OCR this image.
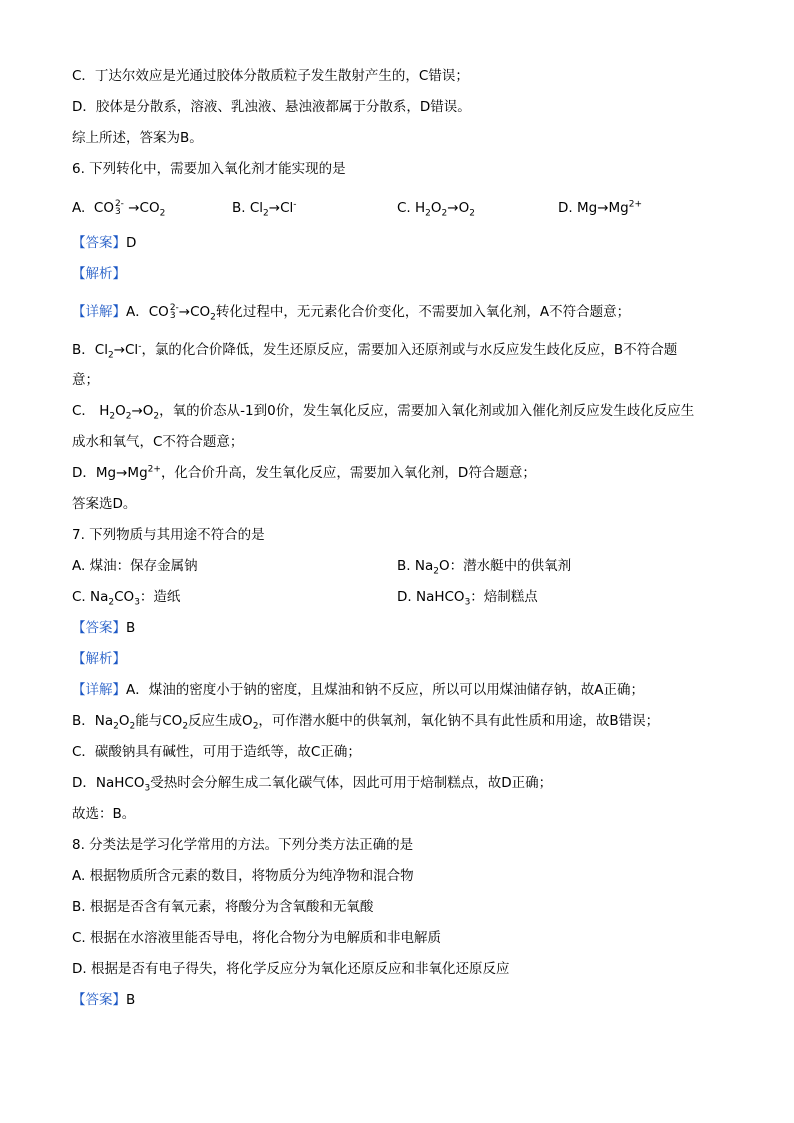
C．丁达尔效应是光通过胶体分散质粒子发生散射产生的，C错误；
D．胶体是分散系，溶液、乳浊液、悬浊液都属于分散系，D错误。
综上所述，答案为B。
6. 下列转化中，需要加入氧化剂才能实现的是
A. CO 2-
$3 \to CO_2$	B. $Cl_2\to Cl^-$	C. $H_2O_2\to O_2$	D. $Mg\to Mg^{2+}$
【答案】D
【解析】
【详解】A．CO 2-
$3 \to CO_2$转化过程中，无元素化合价变化，不需要加入氧化剂，A不符合题意；
B．$Cl_2\to Cl^-$，氯的化合价降低，发生还原反应，需要加入还原剂或与水反应发生歧化反应，B不符合题
意；
C． $H_2O_2\to O_2$，氧的价态从-1到0价，发生氧化反应，需要加入氧化剂或加入催化剂反应发生歧化反应生
成水和氧气，C不符合题意；
D．$Mg\to Mg^{2+}$，化合价升高，发生氧化反应，需要加入氧化剂，D符合题意；
答案选D。
7. 下列物质与其用途不符合的是
A. 煤油：保存金属钠	B. $Na_2O$：潜水艇中的供氧剂
C. $Na_2CO_3$：造纸	D. NaHCO$_3$：焙制糕点
【答案】B
【解析】
【详解】A．煤油的密度小于钠的密度，且煤油和钠不反应，所以可以用煤油储存钠，故A正确；
B．$Na_2O_2$能与$CO_2$反应生成$O_2$，可作潜水艇中的供氧剂，氧化钠不具有此性质和用途，故B错误；
C．碳酸钠具有碱性，可用于造纸等，故C正确；
D．NaHCO$_3$受热时会分解生成二氧化碳气体，因此可用于焙制糕点，故D正确；
故选：B。
8. 分类法是学习化学常用的方法。下列分类方法正确的是
A. 根据物质所含元素的数目，将物质分为纯净物和混合物
B. 根据是否含有氧元素，将酸分为含氧酸和无氧酸
C. 根据在水溶液里能否导电，将化合物分为电解质和非电解质
D. 根据是否有电子得失，将化学反应分为氧化还原反应和非氧化还原反应
【答案】B
